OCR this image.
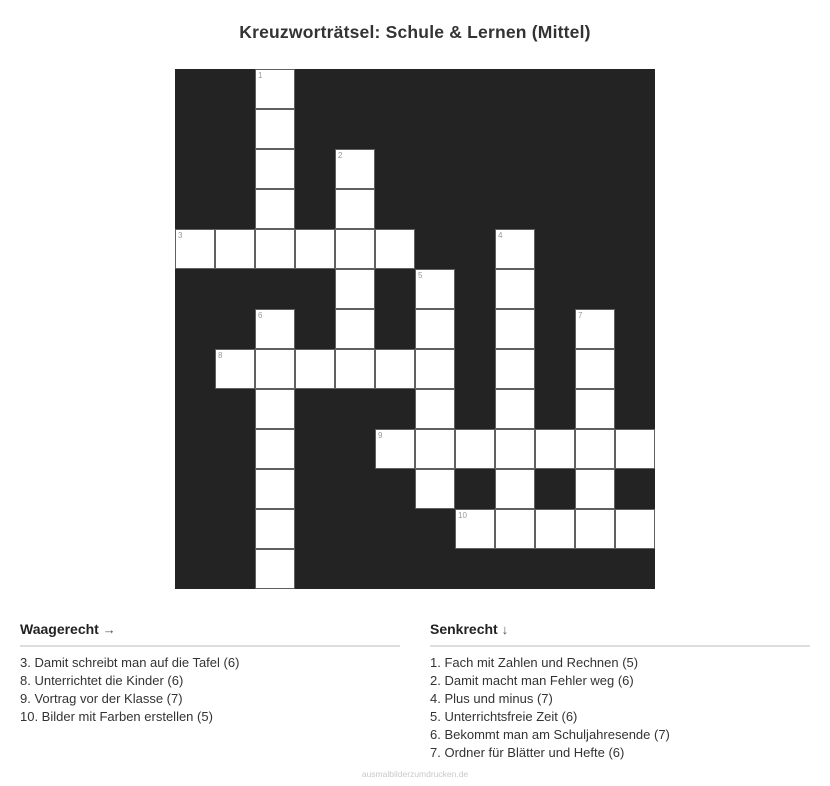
Kreuzworträtsel: Schule & Lernen (Mittel)
1
2
3	4
5
6	7
8
9
10
Waagerecht →
3. Damit schreibt man auf die Tafel (6)
8. Unterrichtet die Kinder (6)
9. Vortrag vor der Klasse (7)
10. Bilder mit Farben erstellen (5)
Senkrecht ↓
1. Fach mit Zahlen und Rechnen (5)
2. Damit macht man Fehler weg (6)
4. Plus und minus (7)
5. Unterrichtsfreie Zeit (6)
6. Bekommt man am Schuljahresende (7)
7. Ordner für Blätter und Hefte (6)
ausmalbilderzumdrucken.de
